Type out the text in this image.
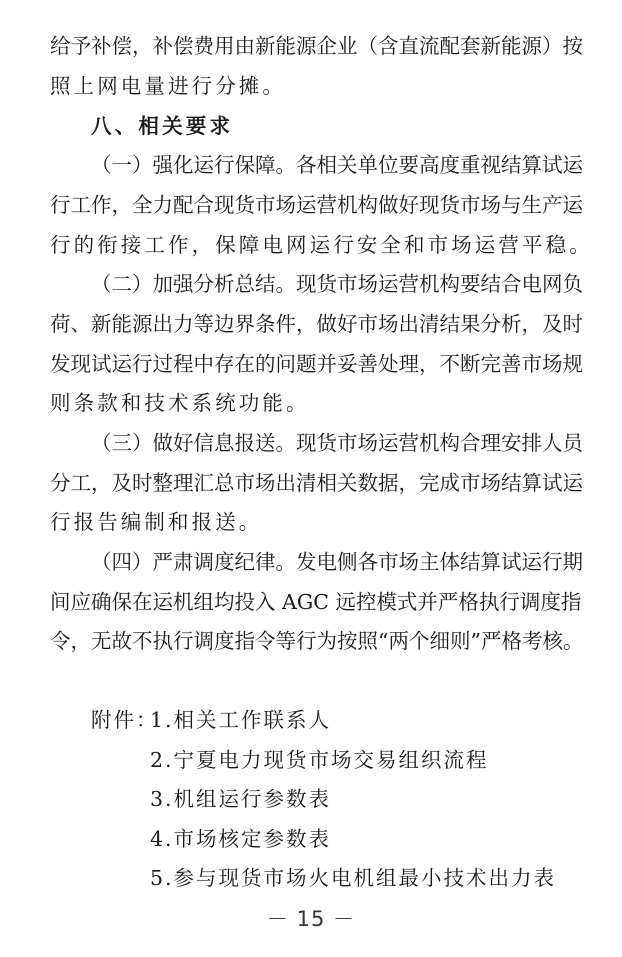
给予补偿，补偿费用由新能源企业（含直流配套新能源）按
照上网电量进行分摊。
八、相关要求
（一）强化运行保障。各相关单位要高度重视结算试运
行工作，全力配合现货市场运营机构做好现货市场与生产运
行的衔接工作，保障电网运行安全和市场运营平稳。
（二）加强分析总结。现货市场运营机构要结合电网负
荷、新能源出力等边界条件，做好市场出清结果分析，及时
发现试运行过程中存在的问题并妥善处理，不断完善市场规
则条款和技术系统功能。
（三）做好信息报送。现货市场运营机构合理安排人员
分工，及时整理汇总市场出清相关数据，完成市场结算试运
行报告编制和报送。
（四）严肃调度纪律。发电侧各市场主体结算试运行期
间应确保在运机组均投入 AGC 远控模式并严格执行调度指
令，无故不执行调度指令等行为按照“两个细则”严格考核。
附件：
1.相关工作联系人
2.宁夏电力现货市场交易组织流程
3.机组运行参数表
4.市场核定参数表
5.参与现货市场火电机组最小技术出力表
－ 15 －
